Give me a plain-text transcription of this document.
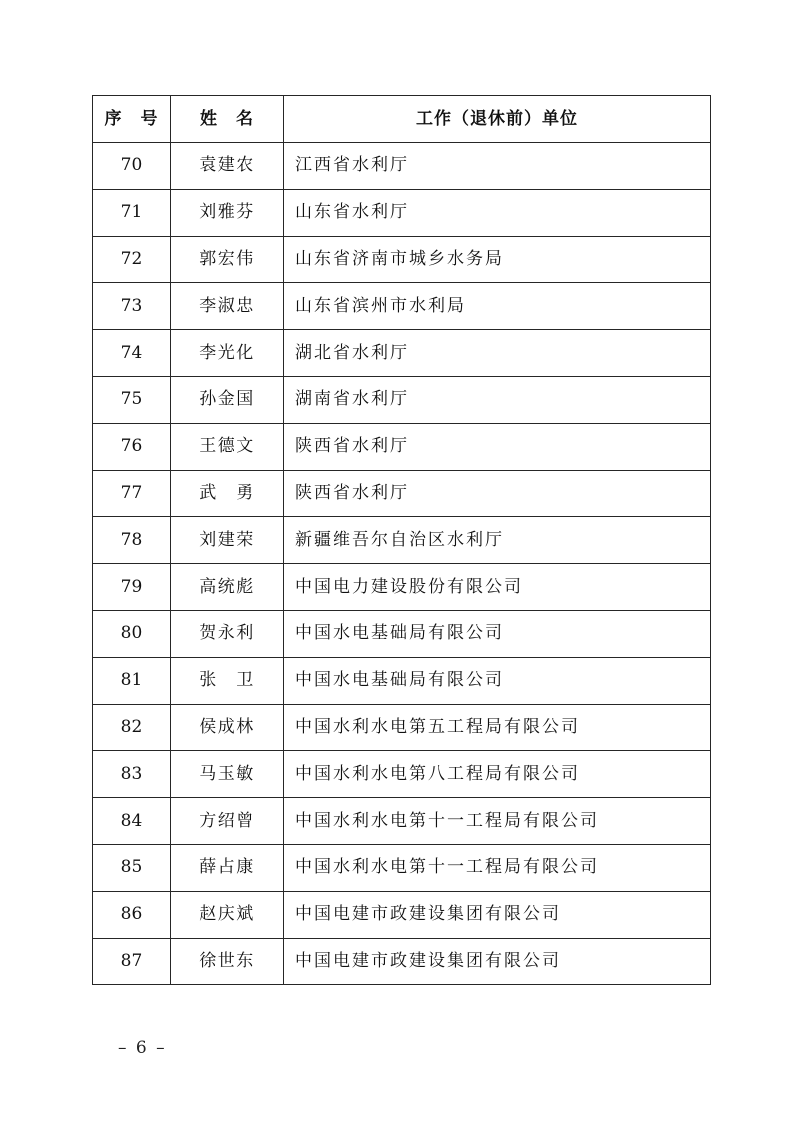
序　号	姓　名	工作（退休前）单位
70	袁建农	江西省水利厅
71	刘雅芬	山东省水利厅
72	郭宏伟	山东省济南市城乡水务局
73	李淑忠	山东省滨州市水利局
74	李光化	湖北省水利厅
75	孙金国	湖南省水利厅
76	王德文	陕西省水利厅
77	武　勇	陕西省水利厅
78	刘建荣	新疆维吾尔自治区水利厅
79	高统彪	中国电力建设股份有限公司
80	贺永利	中国水电基础局有限公司
81	张　卫	中国水电基础局有限公司
82	侯成林	中国水利水电第五工程局有限公司
83	马玉敏	中国水利水电第八工程局有限公司
84	方绍曾	中国水利水电第十一工程局有限公司
85	薛占康	中国水利水电第十一工程局有限公司
86	赵庆斌	中国电建市政建设集团有限公司
87	徐世东	中国电建市政建设集团有限公司
– 6 –
